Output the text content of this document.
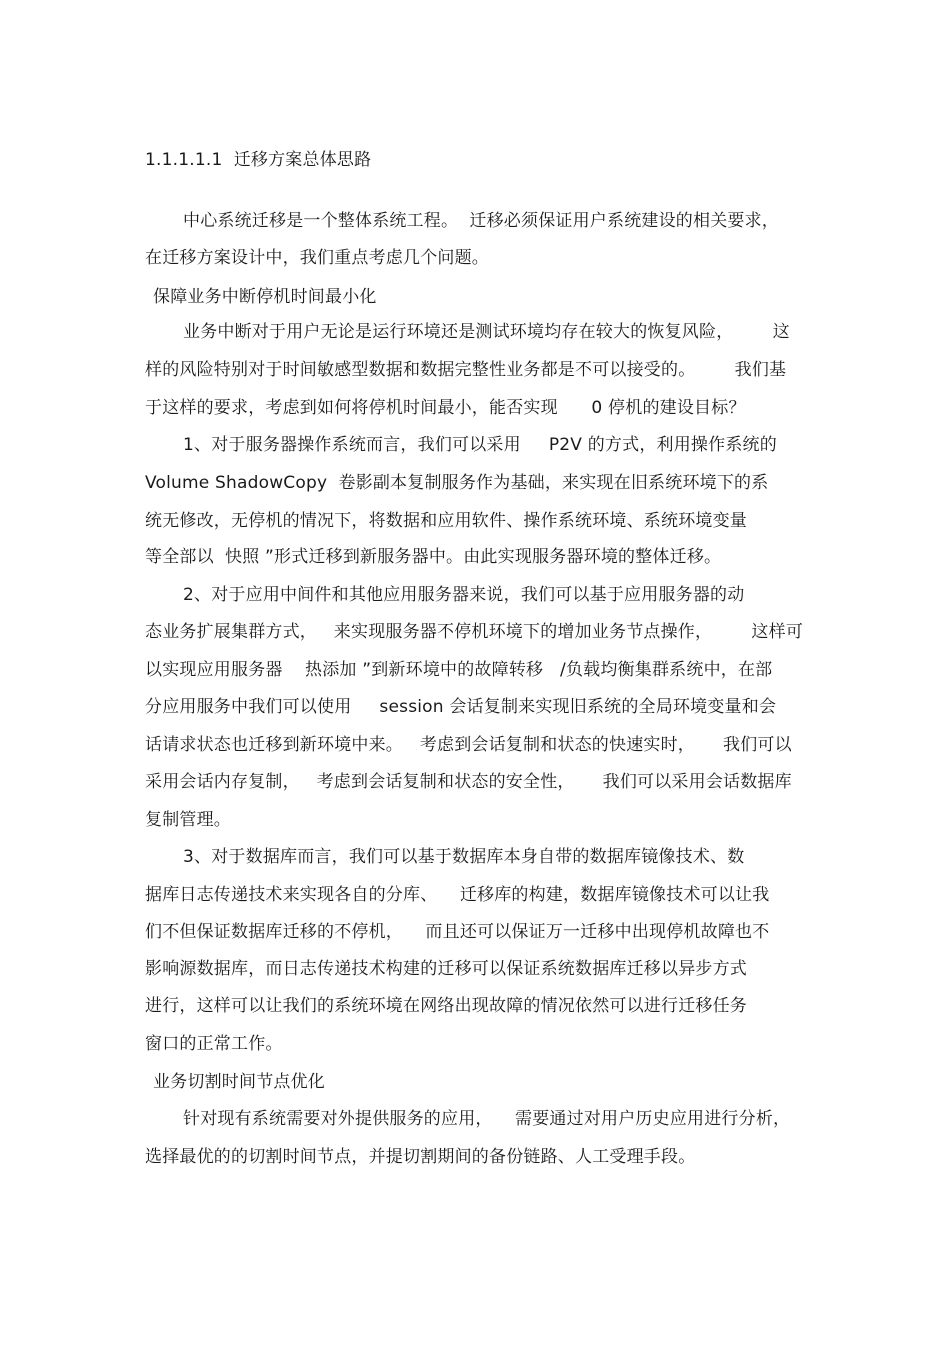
1.1.1.1.1  迁移方案总体思路
中心系统迁移是一个整体系统工程。  迁移必须保证用户系统建设的相关要求，
在迁移方案设计中，我们重点考虑几个问题。
保障业务中断停机时间最小化
业务中断对于用户无论是运行环境还是测试环境均存在较大的恢复风险，       这
样的风险特别对于时间敏感型数据和数据完整性业务都是不可以接受的。       我们基
于这样的要求，考虑到如何将停机时间最小，能否实现      0 停机的建设目标？
1、对于服务器操作系统而言，我们可以采用     P2V 的方式，利用操作系统的
Volume ShadowCopy  卷影副本复制服务作为基础，来实现在旧系统环境下的系
统无修改，无停机的情况下，将数据和应用软件、操作系统环境、系统环境变量
等全部以  快照 ”形式迁移到新服务器中。由此实现服务器环境的整体迁移。
2、对于应用中间件和其他应用服务器来说，我们可以基于应用服务器的动
态业务扩展集群方式，   来实现服务器不停机环境下的增加业务节点操作，       这样可
以实现应用服务器    热添加 ”到新环境中的故障转移   /负载均衡集群系统中，在部
分应用服务中我们可以使用     session 会话复制来实现旧系统的全局环境变量和会
话请求状态也迁移到新环境中来。   考虑到会话复制和状态的快速实时，     我们可以
采用会话内存复制，   考虑到会话复制和状态的安全性，     我们可以采用会话数据库
复制管理。
3、对于数据库而言，我们可以基于数据库本身自带的数据库镜像技术、数
据库日志传递技术来实现各自的分库、    迁移库的构建，数据库镜像技术可以让我
们不但保证数据库迁移的不停机，    而且还可以保证万一迁移中出现停机故障也不
影响源数据库，而日志传递技术构建的迁移可以保证系统数据库迁移以异步方式
进行，这样可以让我们的系统环境在网络出现故障的情况依然可以进行迁移任务
窗口的正常工作。
业务切割时间节点优化
针对现有系统需要对外提供服务的应用，    需要通过对用户历史应用进行分析，
选择最优的的切割时间节点，并提切割期间的备份链路、人工受理手段。
